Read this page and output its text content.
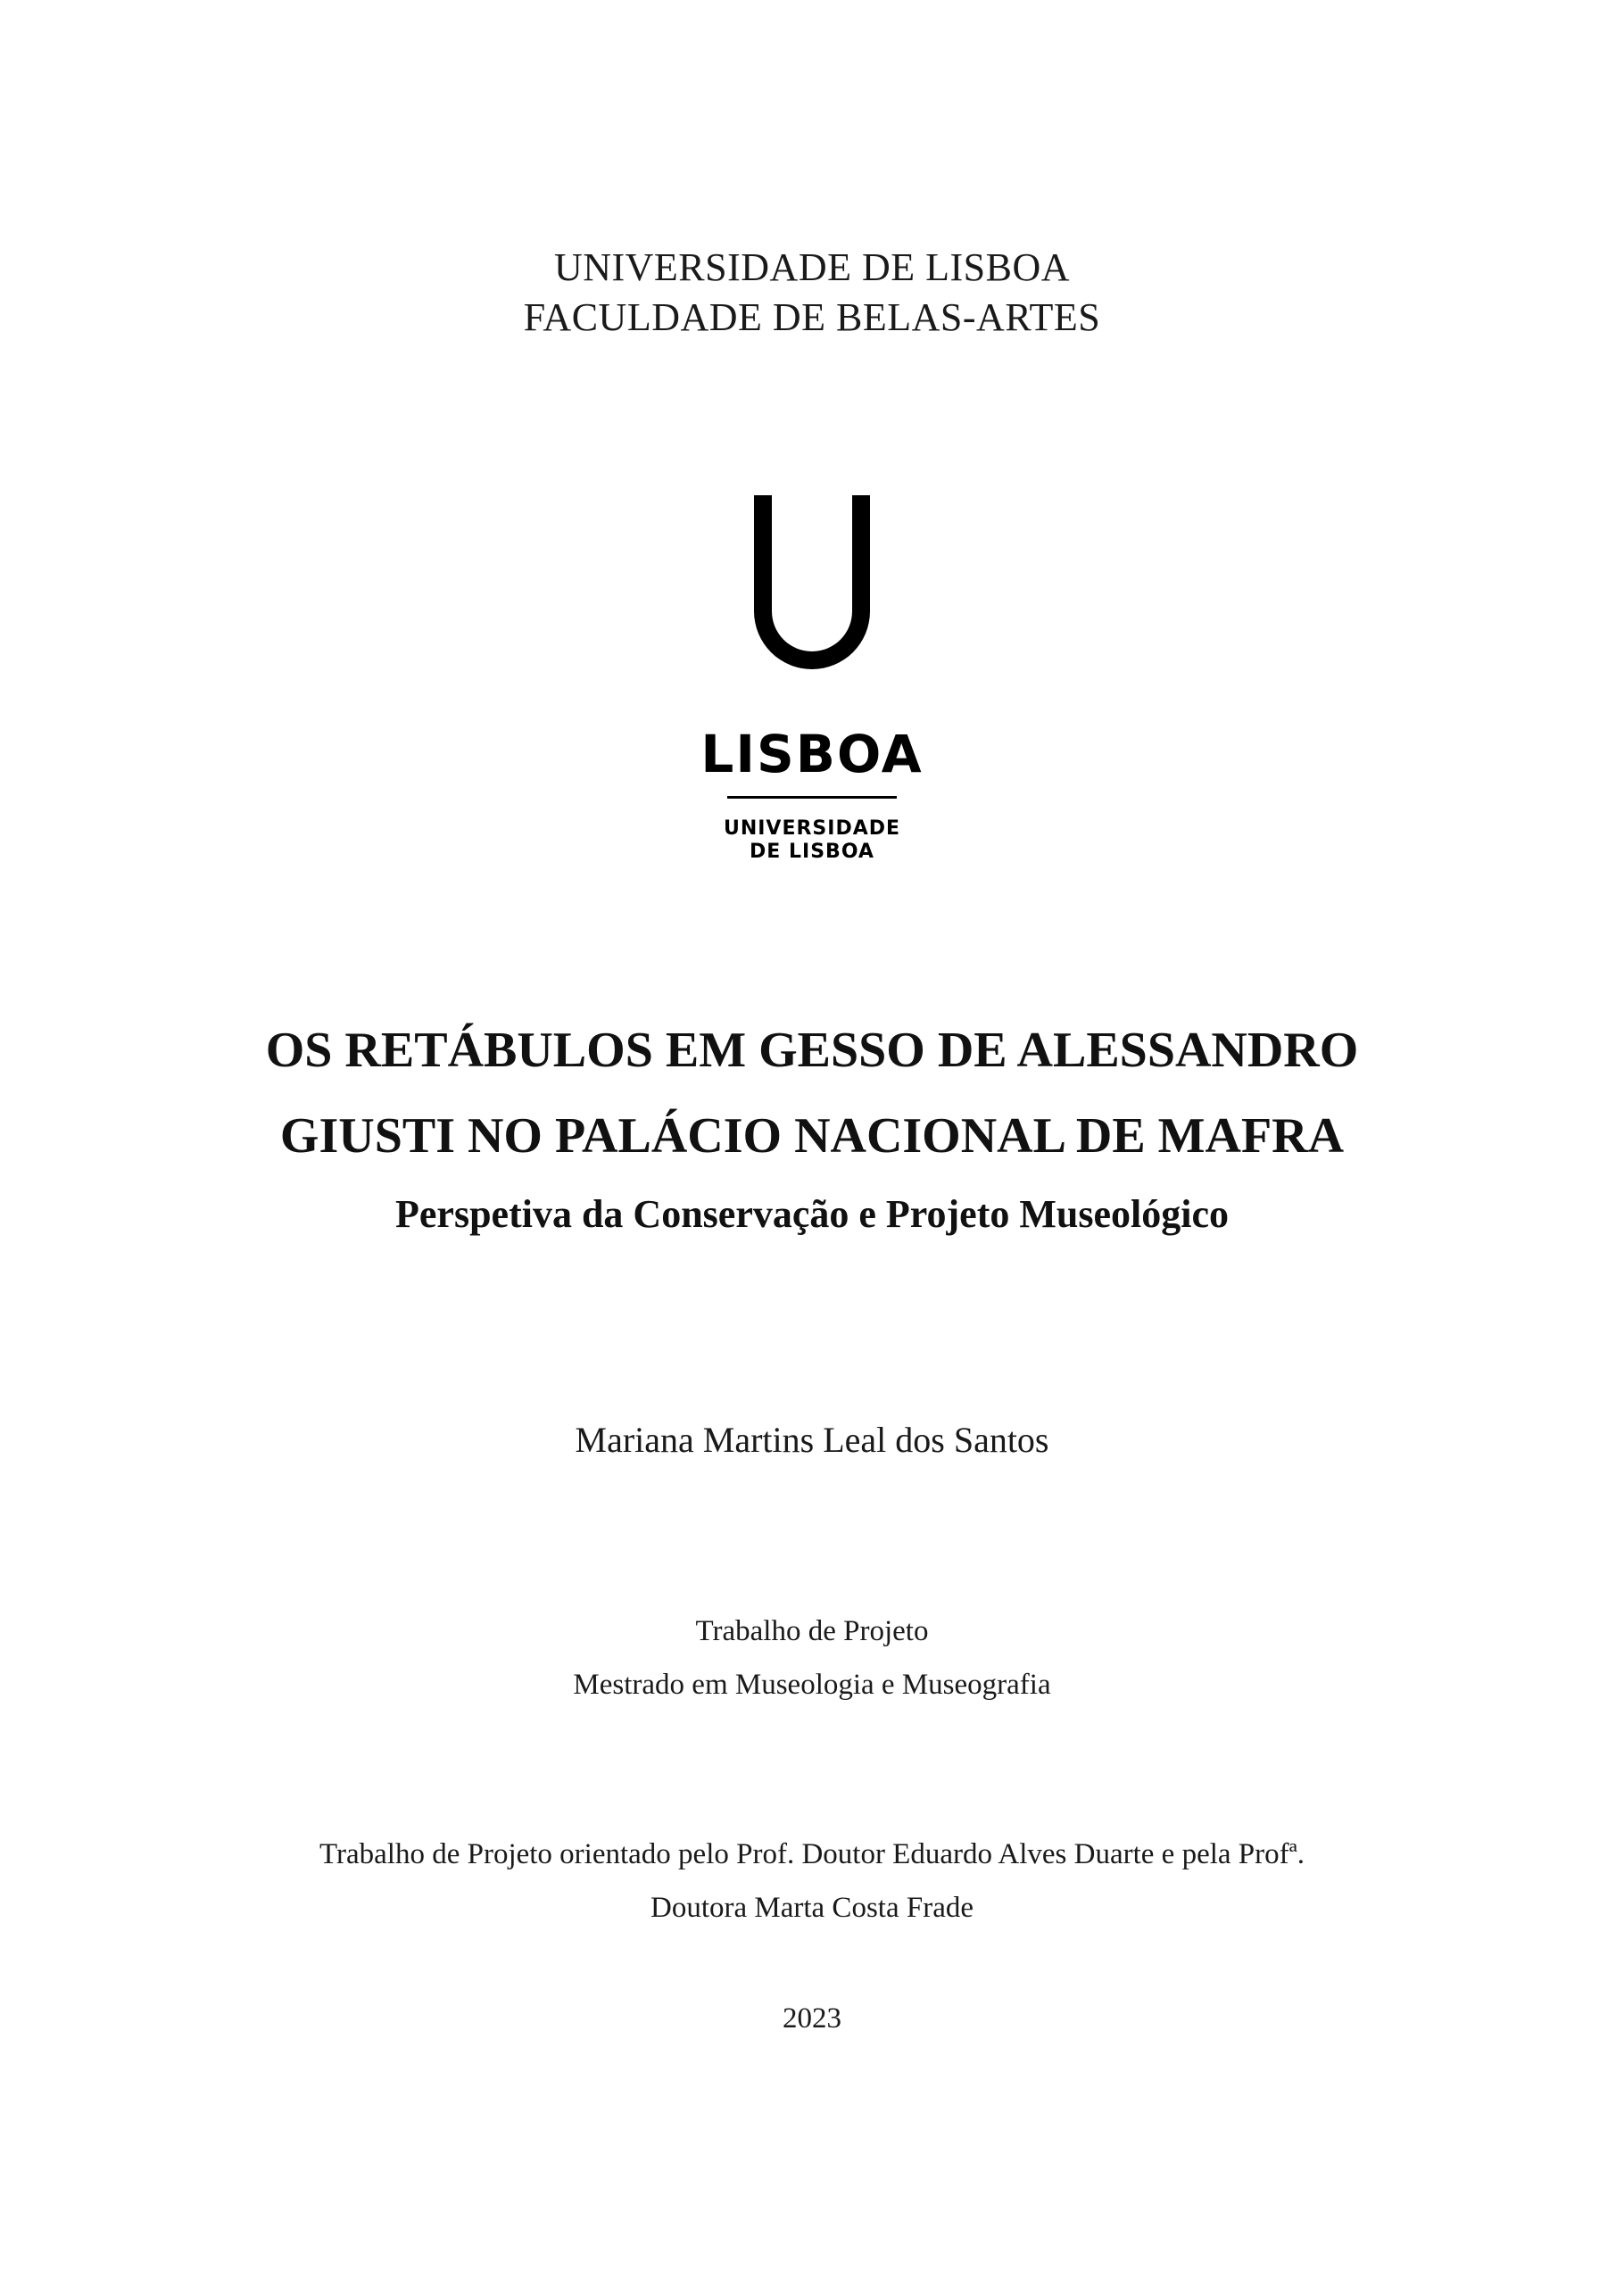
UNIVERSIDADE DE LISBOA
FACULDADE DE BELAS-ARTES
LISBOA
UNIVERSIDADE
DE LISBOA
OS RETÁBULOS EM GESSO DE ALESSANDRO
GIUSTI NO PALÁCIO NACIONAL DE MAFRA
Perspetiva da Conservação e Projeto Museológico
Mariana Martins Leal dos Santos
Trabalho de Projeto
Mestrado em Museologia e Museografia
Trabalho de Projeto orientado pelo Prof. Doutor Eduardo Alves Duarte e pela Profª.
Doutora Marta Costa Frade
2023
